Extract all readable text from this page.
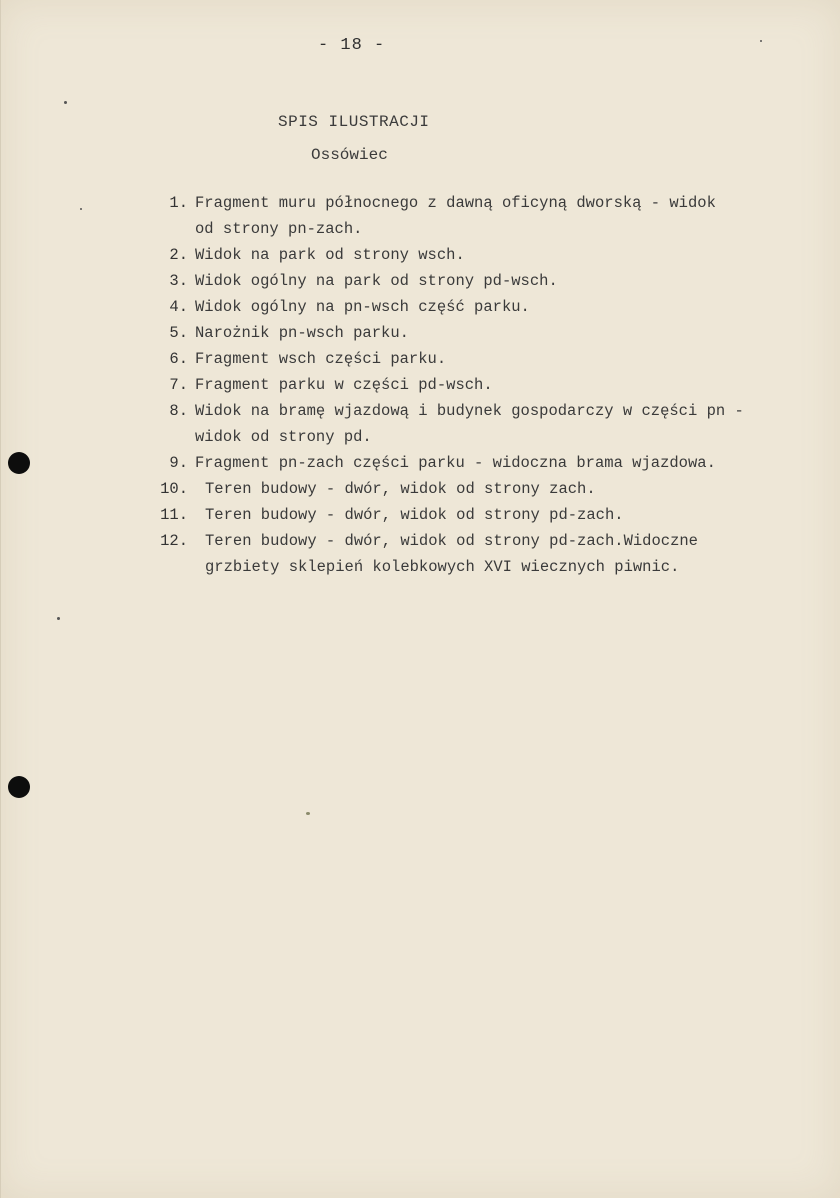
- 18 -
SPIS ILUSTRACJI
Ossówiec
1. Fragment muru północnego z dawną oficyną dworską - widok
od strony pn-zach.
2. Widok na park od strony wsch.
3. Widok ogólny na park od strony pd-wsch.
4. Widok ogólny na pn-wsch część parku.
5. Narożnik pn-wsch parku.
6. Fragment wsch części parku.
7. Fragment parku w części pd-wsch.
8. Widok na bramę wjazdową i budynek gospodarczy w części pn -
widok od strony pd.
9. Fragment pn-zach części parku - widoczna brama wjazdowa.
10. Teren budowy - dwór, widok od strony zach.
11. Teren budowy - dwór, widok od strony pd-zach.
12. Teren budowy - dwór, widok od strony pd-zach.Widoczne
grzbiety sklepień kolebkowych XVI wiecznych piwnic.
